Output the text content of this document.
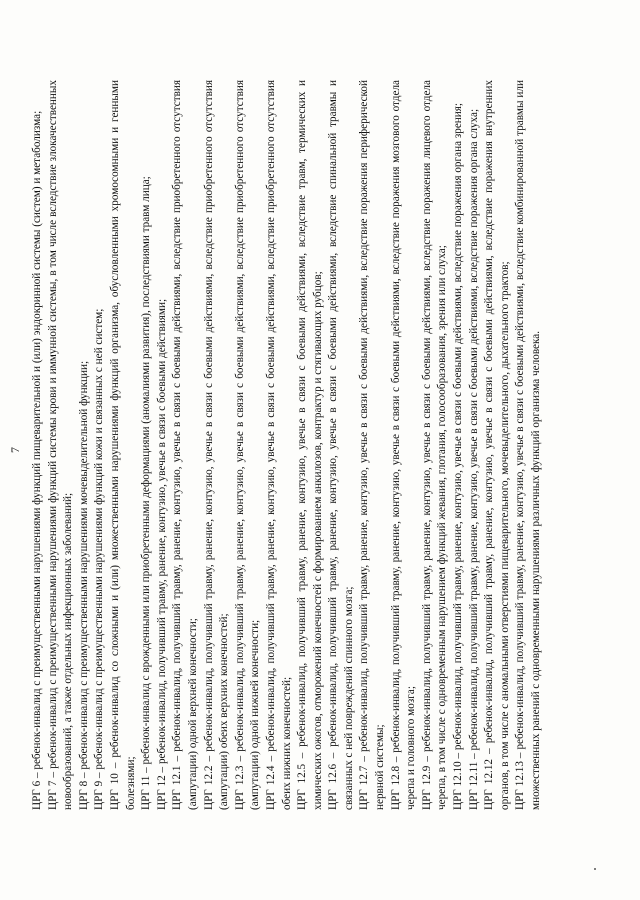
7 ЦРГ 6 – ребенок-инвалид с преимущественными нарушениями функций пищеварительной и (или) эндокринной системы (систем) и метаболизма; ЦРГ 7 – ребенок-инвалид с преимущественными нарушениями функций системы крови и иммунной системы, в том числе вследствие злокачественных новообразований, а также отдельных инфекционных заболеваний; ЦРГ 8 – ребенок-инвалид с преимущественными нарушениями мочевыделительной функции; ЦРГ 9 – ребенок-инвалид с преимущественными нарушениями функций кожи и связанных с ней систем; ЦРГ 10 – ребенок-инвалид со сложными и (или) множественными нарушениями функций организма, обусловленными хромосомными и генными болезнями; ЦРГ 11 – ребенок-инвалид с врожденными или приобретенными деформациями (аномалиями развития), последствиями травм лица; ЦРГ 12 – ребенок-инвалид, получивший травму, ранение, контузию, увечье в связи с боевыми действиями; ЦРГ 12.1 – ребенок-инвалид, получивший травму, ранение, контузию, увечье в связи с боевыми действиями, вследствие приобретенного отсутствия (ампутации) одной верхней конечности; ЦРГ 12.2 – ребенок-инвалид, получивший травму, ранение, контузию, увечье в связи с боевыми действиями, вследствие приобретенного отсутствия (ампутации) обеих верхних конечностей; ЦРГ 12.3 – ребенок-инвалид, получивший травму, ранение, контузию, увечье в связи с боевыми действиями, вследствие приобретенного отсутствия (ампутации) одной нижней конечности; ЦРГ 12.4 – ребенок-инвалид, получивший травму, ранение, контузию, увечье в связи с боевыми действиями, вследствие приобретенного отсутствия обеих нижних конечностей; ЦРГ 12.5 – ребенок-инвалид, получивший травму, ранение, контузию, увечье в связи с боевыми действиями, вследствие травм, термических и химических ожогов, отморожений конечностей с формированием анкилозов, контрактур и стягивающих рубцов; ЦРГ 12.6 – ребенок-инвалид, получивший травму, ранение, контузию, увечье в связи с боевыми действиями, вследствие спинальной травмы и связанных с ней повреждений спинного мозга; ЦРГ 12.7 – ребенок-инвалид, получивший травму, ранение, контузию, увечье в связи с боевыми действиями, вследствие поражения периферической нервной системы; ЦРГ 12.8 – ребенок-инвалид, получивший травму, ранение, контузию, увечье в связи с боевыми действиями, вследствие поражения мозгового отдела черепа и головного мозга; ЦРГ 12.9 – ребенок-инвалид, получивший травму, ранение, контузию, увечье в связи с боевыми действиями, вследствие поражения лицевого отдела черепа, в том числе с одновременным нарушением функций жевания, глотания, голосообразования, зрения или слуха; ЦРГ 12.10 – ребенок-инвалид, получивший травму, ранение, контузию, увечье в связи с боевыми действиями, вследствие поражения органа зрения; ЦРГ 12.11 – ребенок-инвалид, получивший травму, ранение, контузию, увечье в связи с боевыми действиями, вследствие поражения органа слуха; ЦРГ 12.12 – ребенок-инвалид, получивший травму, ранение, контузию, увечье в связи с боевыми действиями, вследствие поражения внутренних органов, в том числе с аномальными отверстиями пищеварительного, мочевыделительного, дыхательного трактов; ЦРГ 12.13 – ребенок-инвалид, получивший травму, ранение, контузию, увечье в связи с боевыми действиями, вследствие комбинированной травмы или множественных ранений с одновременными нарушениями различных функций организма человека.
